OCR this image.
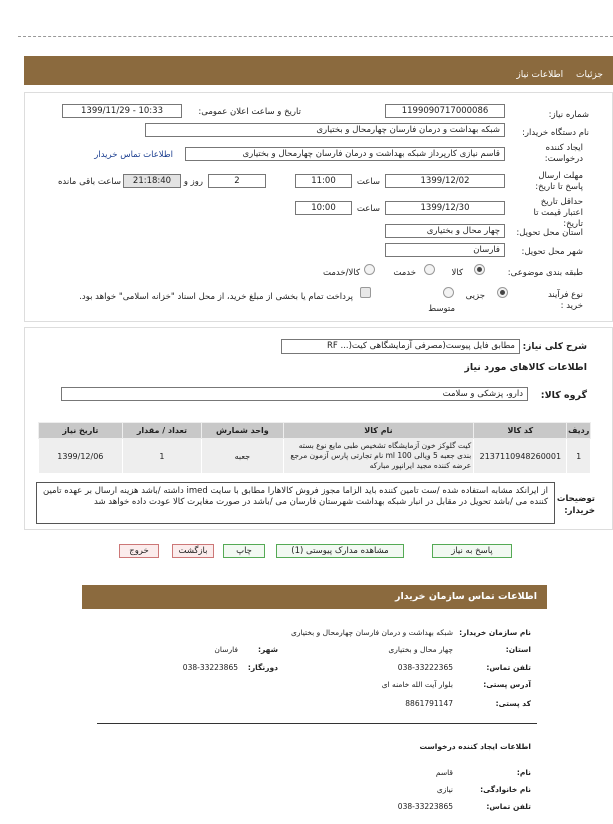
جزئیات اطلاعات نیاز
شماره نیاز:
1199090717000086
تاریخ و ساعت اعلان عمومی:
1399/11/29 - 10:33
نام دستگاه خریدار:
شبکه بهداشت و درمان فارسان چهارمحال و بختیاری
ایجاد کننده درخواست:
قاسم نیازی کارپرداز شبکه بهداشت و درمان فارسان چهارمحال و بختیاری
اطلاعات تماس خریدار
مهلت ارسال پاسخ تا تاریخ:
1399/12/02
ساعت
11:00
2
روز و
21:18:40
ساعت باقی مانده
حداقل تاریخ اعتبار قیمت تا تاریخ:
1399/12/30
ساعت
10:00
استان محل تحویل:
چهار محال و بختیاری
شهر محل تحویل:
فارسان
طبقه بندی موضوعی:
کالا
خدمت
کالا/خدمت
نوع فرآیند خرید :
جزیی
متوسط
پرداخت تمام یا بخشی از مبلغ خرید، از محل اسناد "خزانه اسلامی" خواهد بود.
شرح کلی نیاز:
مطابق فایل پیوست(مصرفی آزمایشگاهی کیت(... RF
اطلاعات کالاهای مورد نیاز
گروه کالا:
دارو، پزشکی و سلامت
ردیف	کد کالا	نام کالا	واحد شمارش	تعداد / مقدار	تاریخ نیاز
1	2137110948260001	کیت گلوکز خون آزمایشگاه تشخیص طبی مایع نوع بسته بندی جعبه 5 ویالی 100 ml نام تجارتی پارس آزمون مرجع عرضه کننده مجید ایرانپور مبارکه	جعبه	1	1399/12/06
توضیحات خریدار:
از ایرانکد مشابه استفاده شده /ست تامین کننده باید الزاما مجوز فروش کالاهارا مطابق با سایت imed داشته /باشد هزینه ارسال بر عهده تامین کننده می /باشد تحویل در مقابل در انبار شبکه بهداشت شهرستان فارسان می /باشد در صورت مغایرت کالا عودت داده خواهد شد
پاسخ به نیاز
مشاهده مدارک پیوستی (1)
چاپ
بازگشت
خروج
اطلاعات تماس سازمان خریدار
نام سازمان خریدار:
شبکه بهداشت و درمان فارسان چهارمحال و بختیاری
استان:
چهار محال و بختیاری
شهر:
فارسان
تلفن تماس:
038-33222365
دورنگار:
038-33223865
آدرس پستی:
بلوار آیت الله خامنه ای
کد پستی:
8861791147
اطلاعات ایجاد کننده درخواست
نام:
قاسم
نام خانوادگی:
نیازی
تلفن تماس:
038-33223865
